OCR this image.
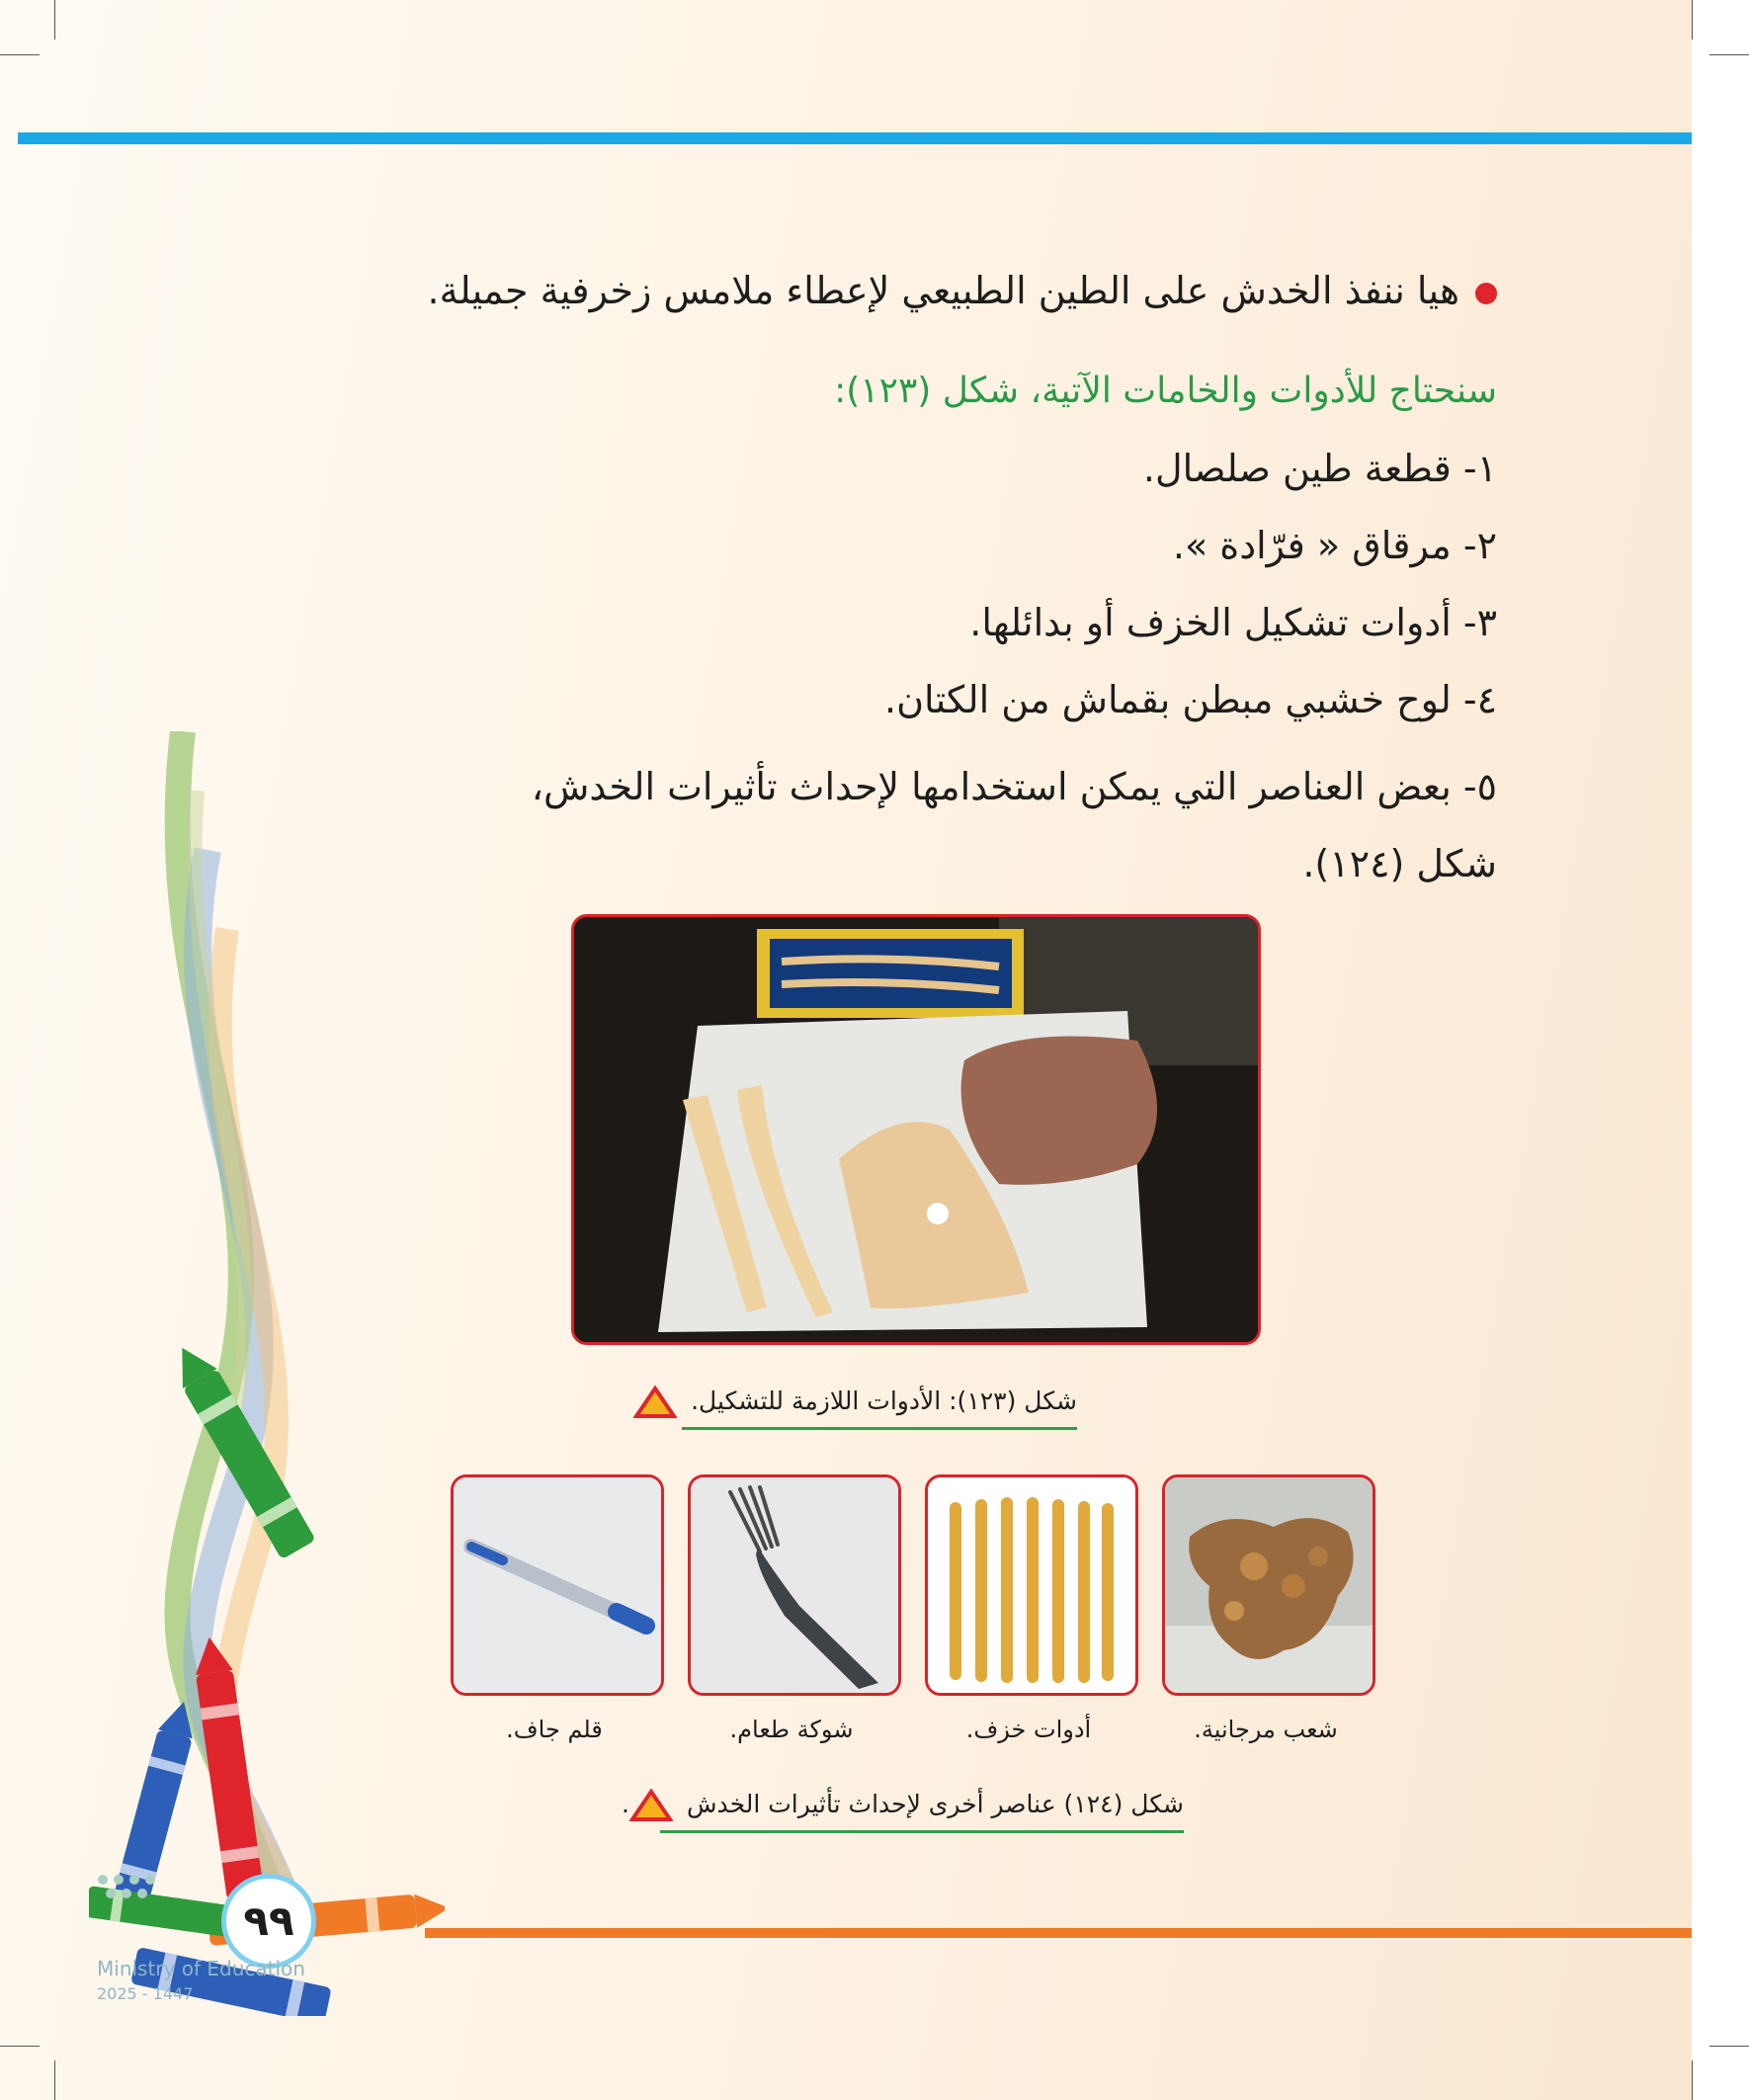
هيا ننفذ الخدش على الطين الطبيعي لإعطاء ملامس زخرفية جميلة.
سنحتاج للأدوات والخامات الآتية، شكل (١٢٣):
١- قطعة طين صلصال.
٢- مرقاق « فرّادة ».
٣- أدوات تشكيل الخزف أو بدائلها.
٤- لوح خشبي مبطن بقماش من الكتان.
٥- بعض العناصر التي يمكن استخدامها لإحداث تأثيرات الخدش،
شكل (١٢٤).
شكل (١٢٣): الأدوات اللازمة للتشكيل.
قلم جاف.	شوكة طعام.	أدوات خزف.	شعب مرجانية.
شكل (١٢٤) عناصر أخرى لإحداث تأثيرات الخدش .
٩٩
Ministry of Education
2025 - 1447
